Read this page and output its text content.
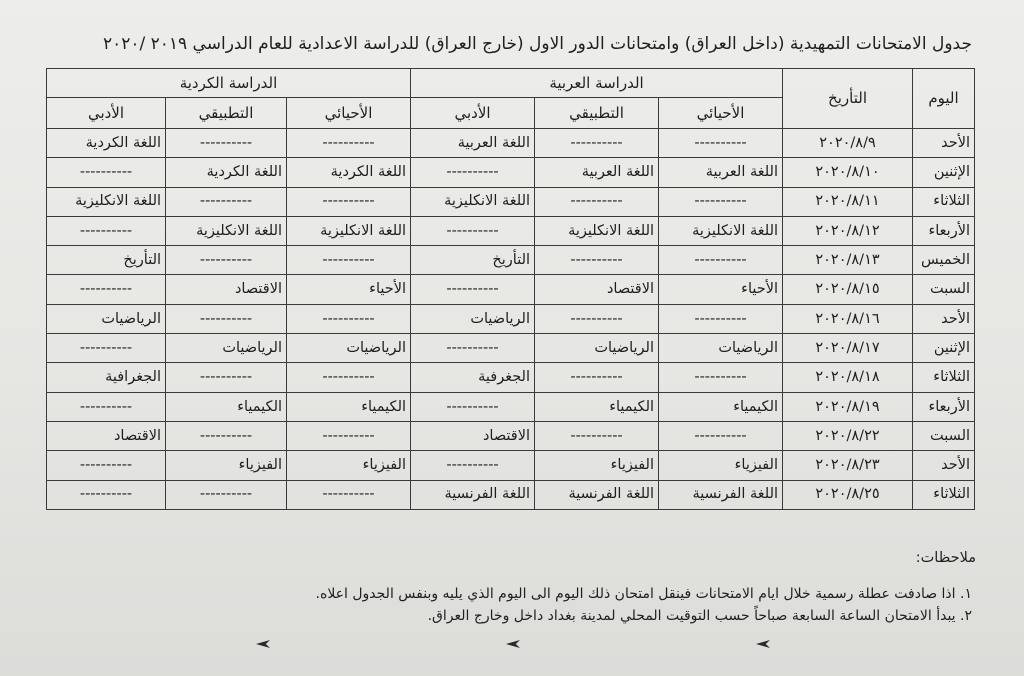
جدول الامتحانات التمهيدية (داخل العراق) وامتحانات الدور الاول (خارج العراق) للدراسة الاعدادية للعام الدراسي ٢٠١٩ /٢٠٢٠
اليوم	التأريخ	الدراسة العربية			الدراسة الكردية		
		الأحيائي	التطبيقي	الأدبي	الأحيائي	التطبيقي	الأدبي
الأحد	٢٠٢٠/٨/٩	----------	----------	اللغة العربية	----------	----------	اللغة الكردية
الإثنين	٢٠٢٠/٨/١٠	اللغة العربية	اللغة العربية	----------	اللغة الكردية	اللغة الكردية	----------
الثلاثاء	٢٠٢٠/٨/١١	----------	----------	اللغة الانكليزية	----------	----------	اللغة الانكليزية
الأربعاء	٢٠٢٠/٨/١٢	اللغة الانكليزية	اللغة الانكليزية	----------	اللغة الانكليزية	اللغة الانكليزية	----------
الخميس	٢٠٢٠/٨/١٣	----------	----------	التأريخ	----------	----------	التأريخ
السبت	٢٠٢٠/٨/١٥	الأحياء	الاقتصاد	----------	الأحياء	الاقتصاد	----------
الأحد	٢٠٢٠/٨/١٦	----------	----------	الرياضيات	----------	----------	الرياضيات
الإثنين	٢٠٢٠/٨/١٧	الرياضيات	الرياضيات	----------	الرياضيات	الرياضيات	----------
الثلاثاء	٢٠٢٠/٨/١٨	----------	----------	الجغرفية	----------	----------	الجغرافية
الأربعاء	٢٠٢٠/٨/١٩	الكيمياء	الكيمياء	----------	الكيمياء	الكيمياء	----------
السبت	٢٠٢٠/٨/٢٢	----------	----------	الاقتصاد	----------	----------	الاقتصاد
الأحد	٢٠٢٠/٨/٢٣	الفيزياء	الفيزياء	----------	الفيزياء	الفيزياء	----------
الثلاثاء	٢٠٢٠/٨/٢٥	اللغة الفرنسية	اللغة الفرنسية	اللغة الفرنسية	----------	----------	----------
ملاحظات:
١. اذا صادفت عطلة رسمية خلال ايام الامتحانات فينقل امتحان ذلك اليوم الى اليوم الذي يليه وبنفس الجدول اعلاه.
٢. يبدأ الامتحان الساعة السابعة صباحاً حسب التوقيت المحلي لمدينة بغداد داخل وخارج العراق.
